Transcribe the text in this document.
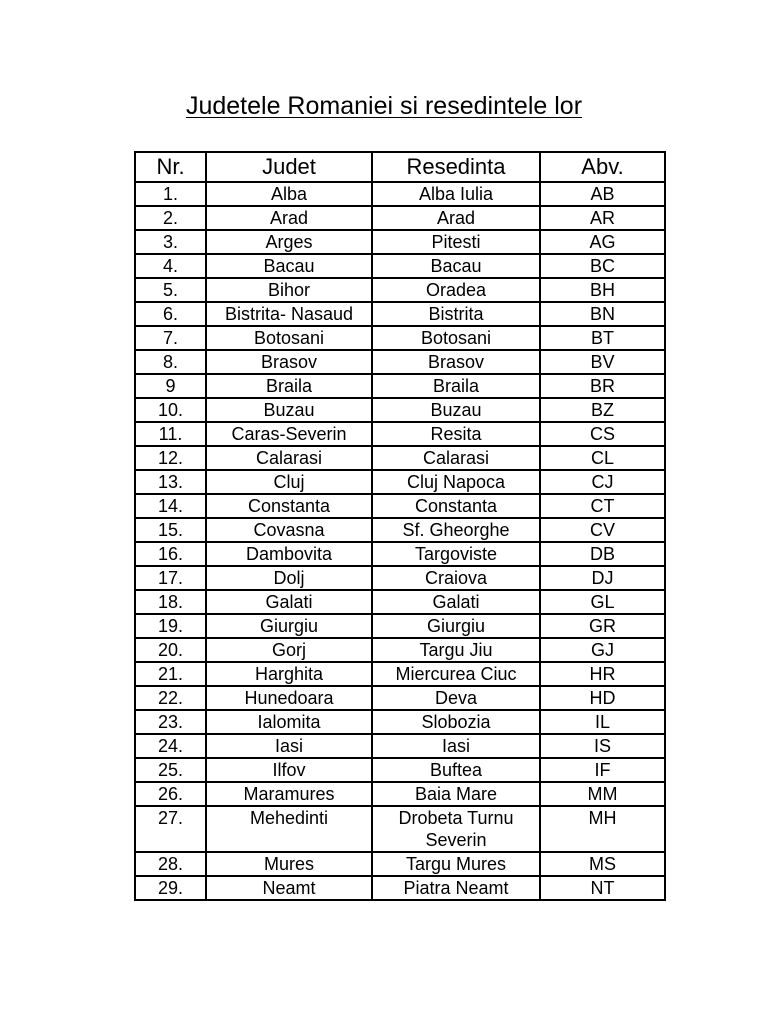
Judetele Romaniei si resedintele lor
Nr.	Judet	Resedinta	Abv.
1.	Alba	Alba Iulia	AB
2.	Arad	Arad	AR
3.	Arges	Pitesti	AG
4.	Bacau	Bacau	BC
5.	Bihor	Oradea	BH
6.	Bistrita- Nasaud	Bistrita	BN
7.	Botosani	Botosani	BT
8.	Brasov	Brasov	BV
9	Braila	Braila	BR
10.	Buzau	Buzau	BZ
11.	Caras-Severin	Resita	CS
12.	Calarasi	Calarasi	CL
13.	Cluj	Cluj Napoca	CJ
14.	Constanta	Constanta	CT
15.	Covasna	Sf. Gheorghe	CV
16.	Dambovita	Targoviste	DB
17.	Dolj	Craiova	DJ
18.	Galati	Galati	GL
19.	Giurgiu	Giurgiu	GR
20.	Gorj	Targu Jiu	GJ
21.	Harghita	Miercurea Ciuc	HR
22.	Hunedoara	Deva	HD
23.	Ialomita	Slobozia	IL
24.	Iasi	Iasi	IS
25.	Ilfov	Buftea	IF
26.	Maramures	Baia Mare	MM
27.	Mehedinti	Drobeta Turnu Severin	MH
28.	Mures	Targu Mures	MS
29.	Neamt	Piatra Neamt	NT
